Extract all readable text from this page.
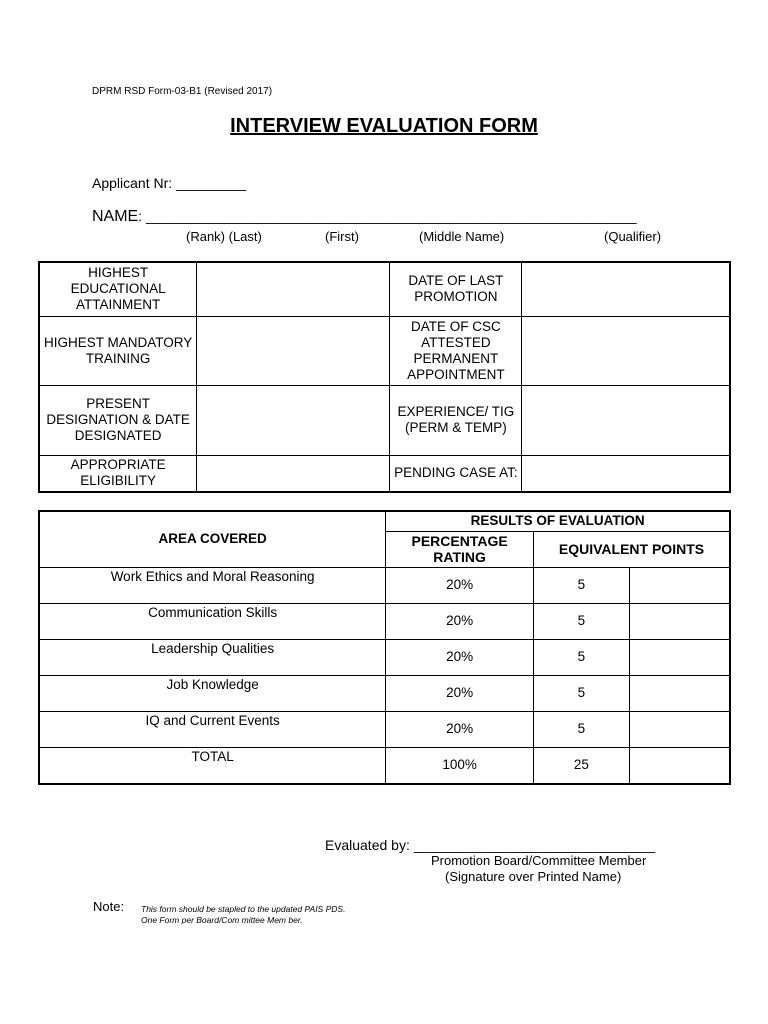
DPRM RSD Form-03-B1 (Revised 2017)
INTERVIEW EVALUATION FORM
Applicant Nr: _________
NAME: _______________________________________________________________
(Rank) (Last)	(First)	(Middle Name)	(Qualifier)
HIGHEST EDUCATIONAL ATTAINMENT		DATE OF LAST PROMOTION	
HIGHEST MANDATORY TRAINING		DATE OF CSC ATTESTED PERMANENT APPOINTMENT	
PRESENT DESIGNATION & DATE DESIGNATED		EXPERIENCE/ TIG (PERM & TEMP)	
APPROPRIATE ELIGIBILITY		PENDING CASE AT:	
AREA COVERED	RESULTS OF EVALUATION		
	PERCENTAGE RATING	EQUIVALENT POINTS	
Work Ethics and Moral Reasoning	20%	5	
Communication Skills	20%	5	
Leadership Qualities	20%	5	
Job Knowledge	20%	5	
IQ and Current Events	20%	5	
TOTAL	100%	25	
Evaluated by: _______________________________
Promotion Board/Committee Member
(Signature over Printed Name)
Note: This form should be stapled to the updated PAIS PDS.
One Form per Board/Com mittee Mem ber.
